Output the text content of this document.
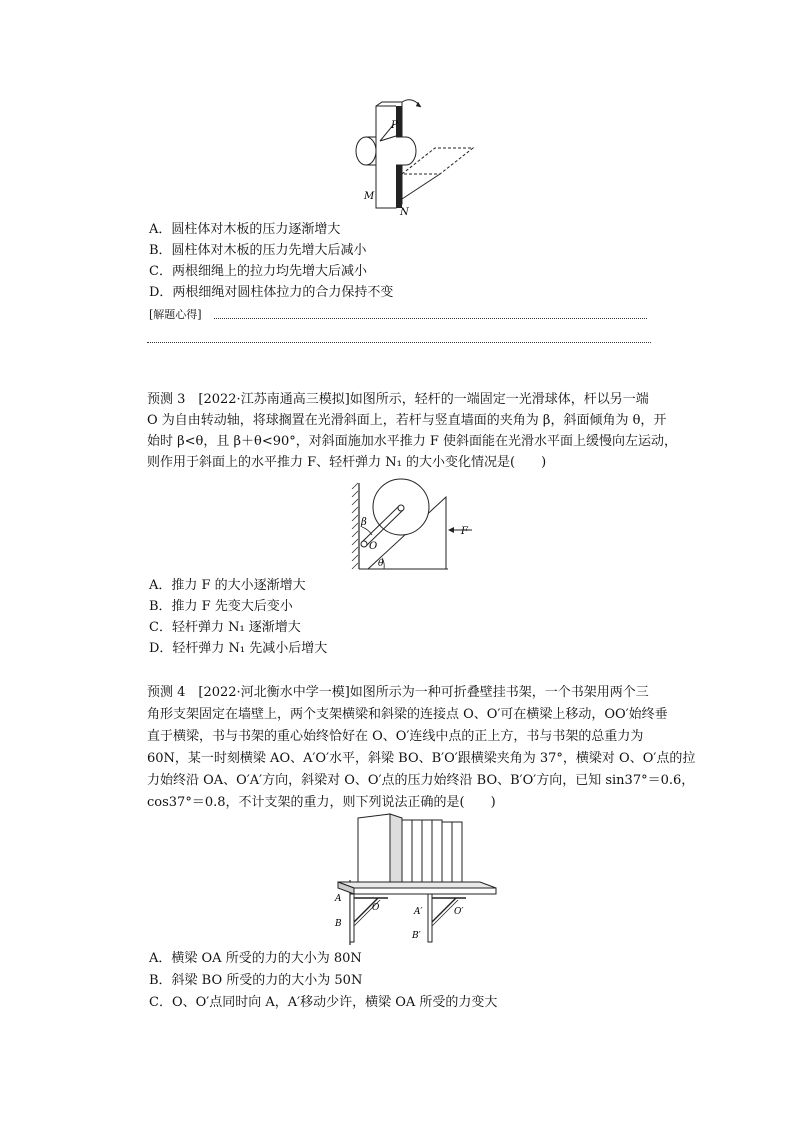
P
M
N
A．圆柱体对木板的压力逐渐增大
B．圆柱体对木板的压力先增大后减小
C．两根细绳上的拉力均先增大后减小
D．两根细绳对圆柱体拉力的合力保持不变
[解题心得]
预测 3　[2022·江苏南通高三模拟]如图所示，轻杆的一端固定一光滑球体，杆以另一端
O 为自由转动轴，将球搁置在光滑斜面上，若杆与竖直墙面的夹角为 β，斜面倾角为 θ，开
始时 β<θ，且 β＋θ<90°，对斜面施加水平推力 F 使斜面能在光滑水平面上缓慢向左运动，
则作用于斜面上的水平推力 F、轻杆弹力 N₁ 的大小变化情况是(　　)
β
O
θ
F
A．推力 F 的大小逐渐增大
B．推力 F 先变大后变小
C．轻杆弹力 N₁ 逐渐增大
D．轻杆弹力 N₁ 先减小后增大
预测 4　[2022·河北衡水中学一模]如图所示为一种可折叠壁挂书架，一个书架用两个三
角形支架固定在墙壁上，两个支架横梁和斜梁的连接点 O、O′可在横梁上移动，OO′始终垂
直于横梁，书与书架的重心始终恰好在 O、O′连线中点的正上方，书与书架的总重力为
60N，某一时刻横梁 AO、A′O′水平，斜梁 BO、B′O′跟横梁夹角为 37°，横梁对 O、O′点的拉
力始终沿 OA、O′A′方向，斜梁对 O、O′点的压力始终沿 BO、B′O′方向，已知 sin37°＝0.6，
cos37°＝0.8，不计支架的重力，则下列说法正确的是(　　)
A
B
O	A′
B′
O′
A．横梁 OA 所受的力的大小为 80N
B．斜梁 BO 所受的力的大小为 50N
C．O、O′点同时向 A，A′移动少许，横梁 OA 所受的力变大
